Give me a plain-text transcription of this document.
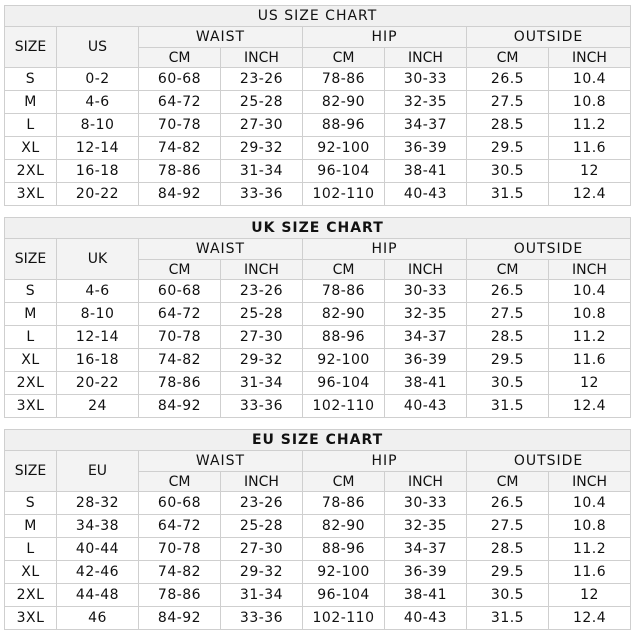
US SIZE CHART							
SIZE	US	WAIST		HIP		OUTSIDE	
		CM	INCH	CM	INCH	CM	INCH
S	0-2	60-68	23-26	78-86	30-33	26.5	10.4
M	4-6	64-72	25-28	82-90	32-35	27.5	10.8
L	8-10	70-78	27-30	88-96	34-37	28.5	11.2
XL	12-14	74-82	29-32	92-100	36-39	29.5	11.6
2XL	16-18	78-86	31-34	96-104	38-41	30.5	12
3XL	20-22	84-92	33-36	102-110	40-43	31.5	12.4
UK SIZE CHART							
SIZE	UK	WAIST		HIP		OUTSIDE	
		CM	INCH	CM	INCH	CM	INCH
S	4-6	60-68	23-26	78-86	30-33	26.5	10.4
M	8-10	64-72	25-28	82-90	32-35	27.5	10.8
L	12-14	70-78	27-30	88-96	34-37	28.5	11.2
XL	16-18	74-82	29-32	92-100	36-39	29.5	11.6
2XL	20-22	78-86	31-34	96-104	38-41	30.5	12
3XL	24	84-92	33-36	102-110	40-43	31.5	12.4
EU SIZE CHART							
SIZE	EU	WAIST		HIP		OUTSIDE	
		CM	INCH	CM	INCH	CM	INCH
S	28-32	60-68	23-26	78-86	30-33	26.5	10.4
M	34-38	64-72	25-28	82-90	32-35	27.5	10.8
L	40-44	70-78	27-30	88-96	34-37	28.5	11.2
XL	42-46	74-82	29-32	92-100	36-39	29.5	11.6
2XL	44-48	78-86	31-34	96-104	38-41	30.5	12
3XL	46	84-92	33-36	102-110	40-43	31.5	12.4
